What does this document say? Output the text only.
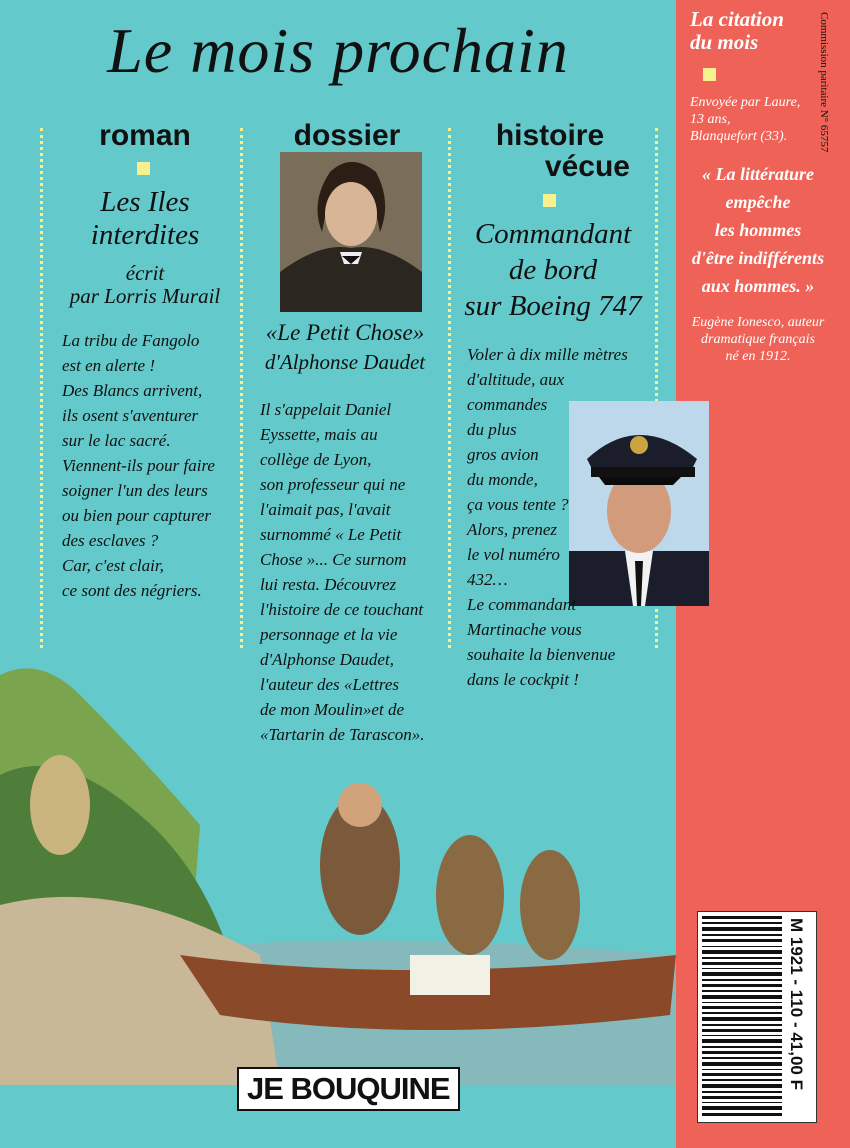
Le mois prochain
roman
Les Iles
interdites
écrit
par Lorris Murail
La tribu de Fangolo
est en alerte !
Des Blancs arrivent,
ils osent s'aventurer
sur le lac sacré.
Viennent-ils pour faire
soigner l'un des leurs
ou bien pour capturer
des esclaves ?
Car, c'est clair,
ce sont des négriers.
dossier
«Le Petit Chose»
d'Alphonse Daudet
Il s'appelait Daniel
Eyssette, mais au
collège de Lyon,
son professeur qui ne
l'aimait pas, l'avait
surnommé « Le Petit
Chose »... Ce surnom
lui resta. Découvrez
l'histoire de ce touchant
personnage et la vie
d'Alphonse Daudet,
l'auteur des «Lettres
de mon Moulin»et de
«Tartarin de Tarascon».
histoire
vécue
Commandant
de bord
sur Boeing 747
Voler à dix mille mètres
d'altitude, aux
commandes
du plus
gros avion
du monde,
ça vous tente ?
Alors, prenez
le vol numéro
432…
Le commandant
Martinache vous
souhaite la bienvenue
dans le cockpit !
JE BOUQUINE
La citation
du mois
Envoyée par Laure,
13 ans,
Blanquefort (33).
« La littérature
empêche
les hommes
d'être indifférents
aux hommes. »
Eugène Ionesco, auteur
dramatique français
né en 1912.
Commission paritaire N° 65757
M 1921 - 110 - 41,00 F
